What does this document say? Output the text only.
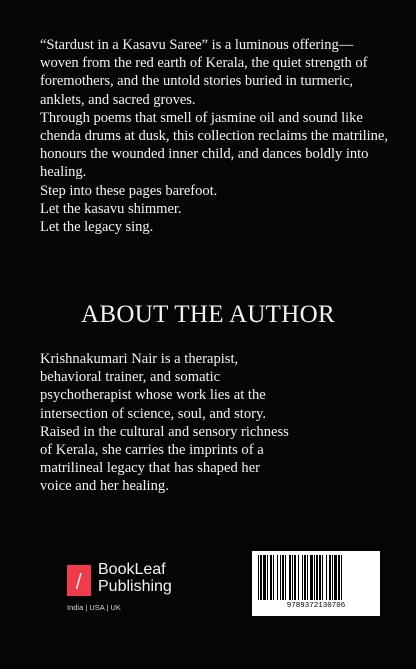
“Stardust in a Kasavu Saree” is a luminous offering—woven from the red earth of Kerala, the quiet strength of foremothers, and the untold stories buried in turmeric, anklets, and sacred groves.

Through poems that smell of jasmine oil and sound like chenda drums at dusk, this collection reclaims the matriline, honours the wounded inner child, and dances boldly into healing.

Step into these pages barefoot.

Let the kasavu shimmer.

Let the legacy sing.

ABOUT THE AUTHOR

Krishnakumari Nair is a therapist, behavioral trainer, and somatic psychotherapist whose work lies at the intersection of science, soul, and story. Raised in the cultural and sensory richness of Kerala, she carries the imprints of a matrilineal legacy that has shaped her voice and her healing.

BookLeaf
Publishing
India | USA | UK	9789372130706
